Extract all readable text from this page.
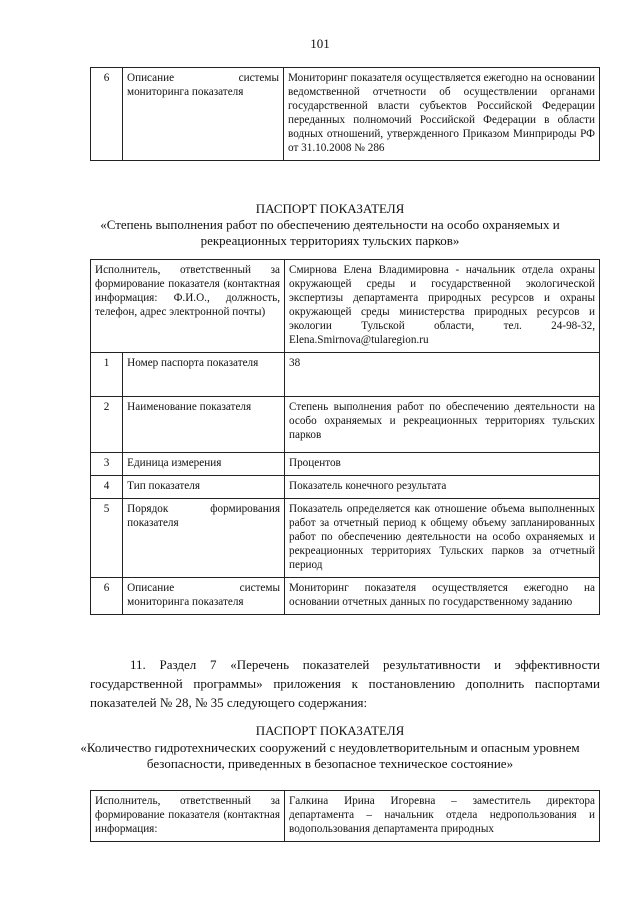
101
6	Описание системы мониторинга показателя	Мониторинг показателя осуществляется ежегодно на основании ведомственной отчетности об осуществлении органами государственной власти субъектов Российской Федерации переданных полномочий Российской Федерации в области водных отношений, утвержденного Приказом Минприроды РФ от 31.10.2008 № 286
ПАСПОРТ ПОКАЗАТЕЛЯ
«Степень выполнения работ по обеспечению деятельности на особо охраняемых и рекреационных территориях тульских парков»
Исполнитель, ответственный за формирование показателя (контактная информация: Ф.И.О., должность, телефон, адрес электронной почты)		Смирнова Елена Владимировна - начальник отдела охраны окружающей среды и государственной экологической экспертизы департамента природных ресурсов и охраны окружающей среды министерства природных ресурсов и экологии Тульской области, тел. 24-98-32, Elena.Smirnova@tularegion.ru
1	Номер паспорта показателя	38
2	Наименование показателя	Степень выполнения работ по обеспечению деятельности на особо охраняемых и рекреационных территориях тульских парков
3	Единица измерения	Процентов
4	Тип показателя	Показатель конечного результата
5	Порядок формирования показателя	Показатель определяется как отношение объема выполненных работ за отчетный период к общему объему запланированных работ по обеспечению деятельности на особо охраняемых и рекреационных территориях Тульских парков за отчетный период
6	Описание системы мониторинга показателя	Мониторинг показателя осуществляется ежегодно на основании отчетных данных по государственному заданию
11. Раздел 7 «Перечень показателей результативности и эффективности государственной программы» приложения к постановлению дополнить паспортами показателей № 28, № 35 следующего содержания:
ПАСПОРТ ПОКАЗАТЕЛЯ
«Количество гидротехнических сооружений с неудовлетворительным и опасным уровнем безопасности, приведенных в безопасное техническое состояние»
Исполнитель, ответственный за формирование показателя (контактная информация:	Галкина Ирина Игоревна – заместитель директора департамента – начальник отдела недропользования и водопользования департамента природных
